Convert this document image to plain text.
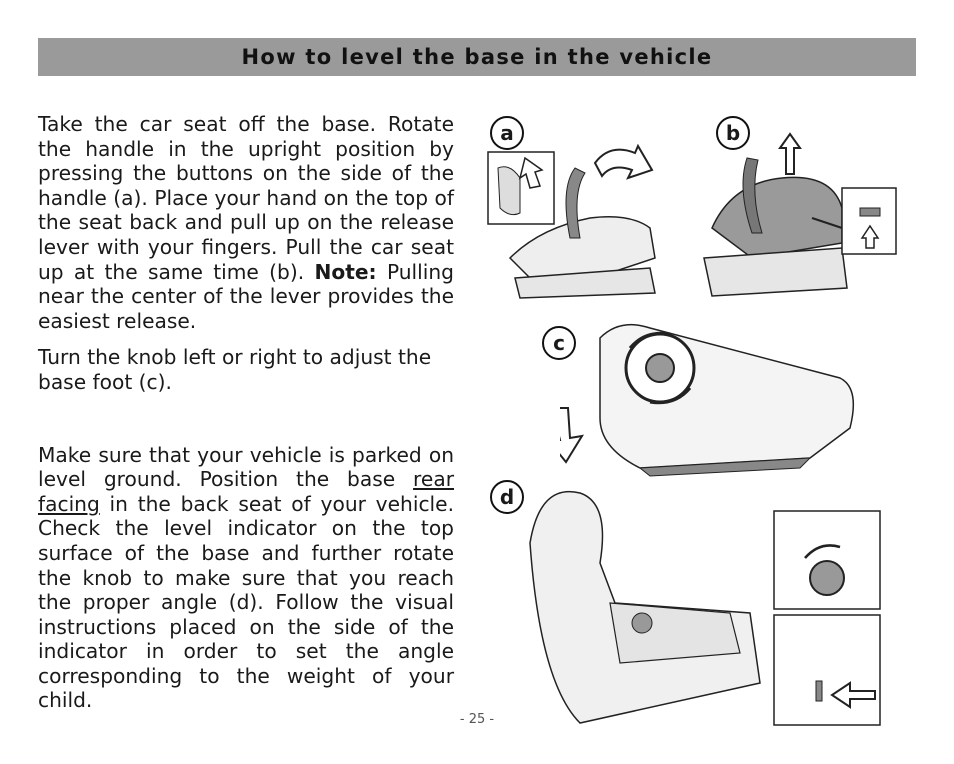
How to level the base in the vehicle

Take the car seat off the base. Rotate the handle in the upright position by pressing the buttons on the side of the handle (a). Place your hand on the top of the seat back and pull up on the release lever with your fingers. Pull the car seat up at the same time (b). Note: Pulling near the center of the lever provides the easiest release.

Turn the knob left or right to adjust the base foot (c).

Make sure that your vehicle is parked on level ground. Position the base rear facing in the back seat of your vehicle. Check the level indicator on the top surface of the base and further rotate the knob to make sure that you reach the proper angle (d). Follow the visual instructions placed on the side of the indicator in order to set the angle corresponding to the weight of your child.

a	b
c
d
- 25 -
